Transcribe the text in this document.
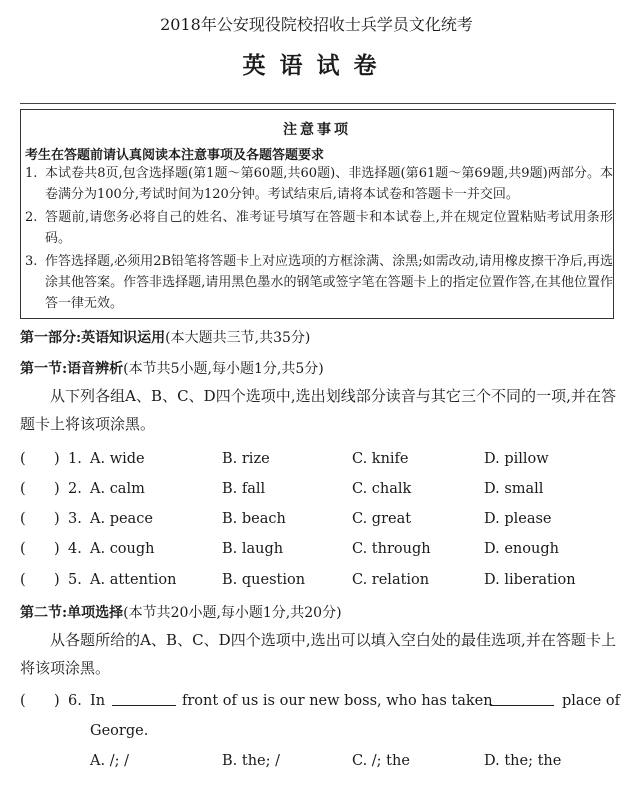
2018年公安现役院校招收士兵学员文化统考
英语试卷
注意事项
考生在答题前请认真阅读本注意事项及各题答题要求
1. 本试卷共8页,包含选择题(第1题～第60题,共60题)、非选择题(第61题～第69题,共9题)两部分。本卷满分为100分,考试时间为120分钟。考试结束后,请将本试卷和答题卡一并交回。
2. 答题前,请您务必将自己的姓名、准考证号填写在答题卡和本试卷上,并在规定位置粘贴考试用条形码。
3. 作答选择题,必须用2B铅笔将答题卡上对应选项的方框涂满、涂黑;如需改动,请用橡皮擦干净后,再选涂其他答案。作答非选择题,请用黑色墨水的钢笔或签字笔在答题卡上的指定位置作答,在其他位置作答一律无效。
第一部分:英语知识运用(本大题共三节,共35分)
第一节:语音辨析(本节共5小题,每小题1分,共5分)
从下列各组A、B、C、D四个选项中,选出划线部分读音与其它三个不同的一项,并在答题卡上将该项涂黑。
( ) 1. A. wide	B. rize	C. knife	D. pillow
( ) 2. A. calm	B. fall	C. chalk	D. small
( ) 3. A. peace	B. beach	C. great	D. please
( ) 4. A. cough	B. laugh	C. through	D. enough
( ) 5. A. attention	B. question	C. relation	D. liberation
第二节:单项选择(本节共20小题,每小题1分,共20分)
从各题所给的A、B、C、D四个选项中,选出可以填入空白处的最佳选项,并在答题卡上将该项涂黑。
( ) 6. In	front of us is our new boss, who has taken	place of
George.
A. /; /	B. the; /	C. /; the	D. the; the
